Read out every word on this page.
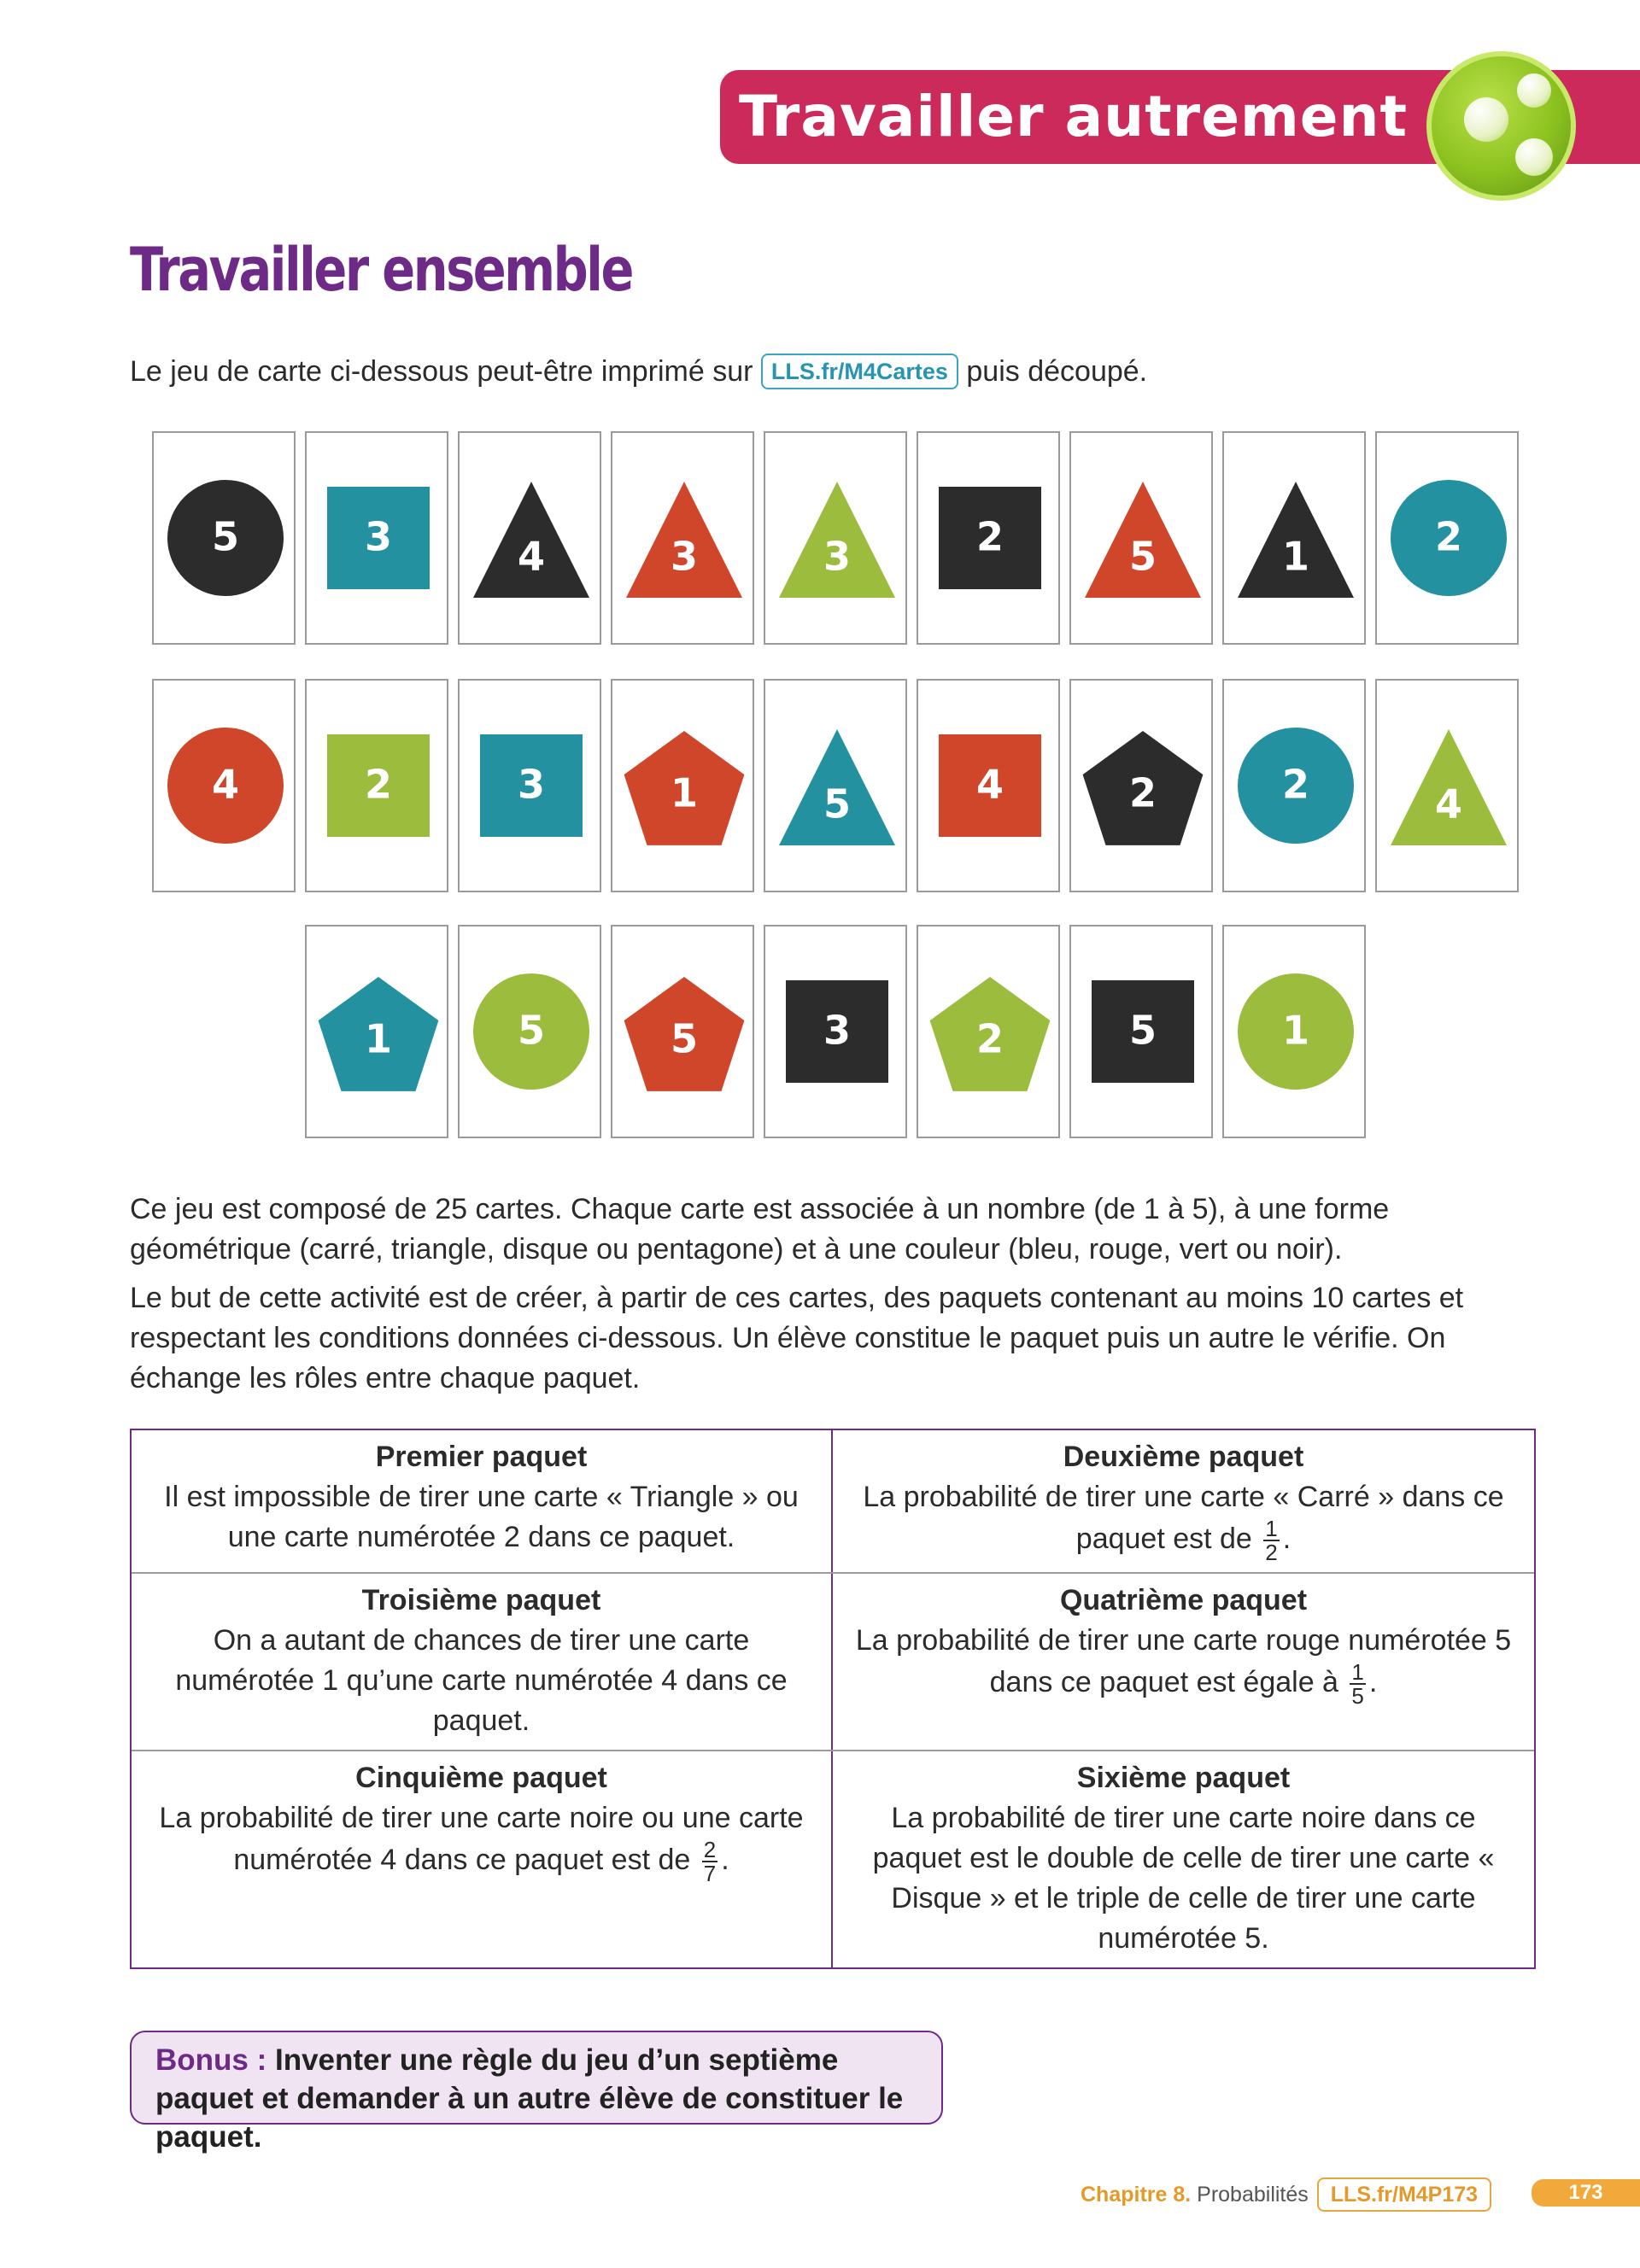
Travailler autrement
Travailler ensemble
Le jeu de carte ci-dessous peut-être imprimé sur LLS.fr/M4Cartes puis découpé.
5	3	4	3	3	2	5	1	2
4	2	3	1	5	4	2	2	4
1	5	5	3	2	5	1
Ce jeu est composé de 25 cartes. Chaque carte est associée à un nombre (de 1 à 5), à une forme géométrique (carré, triangle, disque ou pentagone) et à une couleur (bleu, rouge, vert ou noir).
Le but de cette activité est de créer, à partir de ces cartes, des paquets contenant au moins 10 cartes et respectant les conditions données ci-dessous. Un élève constitue le paquet puis un autre le vérifie. On échange les rôles entre chaque paquet.
Premier paquet
Il est impossible de tirer une carte « Triangle » ou une carte numérotée 2 dans ce paquet.
Deuxième paquet
La probabilité de tirer une carte « Carré » dans ce paquet est de $\frac{1}{2}$ .
Troisième paquet
On a autant de chances de tirer une carte numérotée 1 qu’une carte numérotée 4 dans ce paquet.
Quatrième paquet
La probabilité de tirer une carte rouge numérotée 5 dans ce paquet est égale à $\frac{1}{5}$ .
Cinquième paquet
La probabilité de tirer une carte noire ou une carte numérotée 4 dans ce paquet est de $\frac{2}{7}$ .
Sixième paquet
La probabilité de tirer une carte noire dans ce paquet est le double de celle de tirer une carte « Disque » et le triple de celle de tirer une carte numérotée 5.
Bonus : Inventer une règle du jeu d’un septième paquet et demander à un autre élève de constituer le paquet.
Chapitre 8. Probabilités LLS.fr/M4P173	173
